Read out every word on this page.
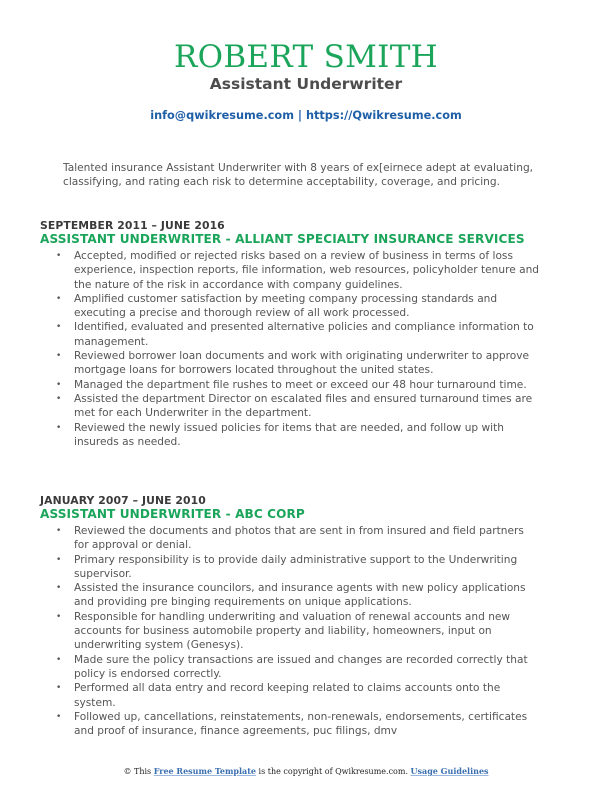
ROBERT SMITH
Assistant Underwriter
info@qwikresume.com | https://Qwikresume.com
Talented insurance Assistant Underwriter with 8 years of ex[eirnece adept at evaluating, classifying, and rating each risk to determine acceptability, coverage, and pricing.
SEPTEMBER 2011 – JUNE 2016
ASSISTANT UNDERWRITER - ALLIANT SPECIALTY INSURANCE SERVICES
• Accepted, modified or rejected risks based on a review of business in terms of loss experience, inspection reports, file information, web resources, policyholder tenure and the nature of the risk in accordance with company guidelines.
• Amplified customer satisfaction by meeting company processing standards and executing a precise and thorough review of all work processed.
• Identified, evaluated and presented alternative policies and compliance information to management.
• Reviewed borrower loan documents and work with originating underwriter to approve mortgage loans for borrowers located throughout the united states.
• Managed the department file rushes to meet or exceed our 48 hour turnaround time.
• Assisted the department Director on escalated files and ensured turnaround times are met for each Underwriter in the department.
• Reviewed the newly issued policies for items that are needed, and follow up with insureds as needed.
JANUARY 2007 – JUNE 2010
ASSISTANT UNDERWRITER - ABC CORP
• Reviewed the documents and photos that are sent in from insured and field partners for approval or denial.
• Primary responsibility is to provide daily administrative support to the Underwriting supervisor.
• Assisted the insurance councilors, and insurance agents with new policy applications and providing pre binging requirements on unique applications.
• Responsible for handling underwriting and valuation of renewal accounts and new accounts for business automobile property and liability, homeowners, input on underwriting system (Genesys).
• Made sure the policy transactions are issued and changes are recorded correctly that policy is endorsed correctly.
• Performed all data entry and record keeping related to claims accounts onto the system.
• Followed up, cancellations, reinstatements, non-renewals, endorsements, certificates and proof of insurance, finance agreements, puc filings, dmv
© This Free Resume Template is the copyright of Qwikresume.com. Usage Guidelines
